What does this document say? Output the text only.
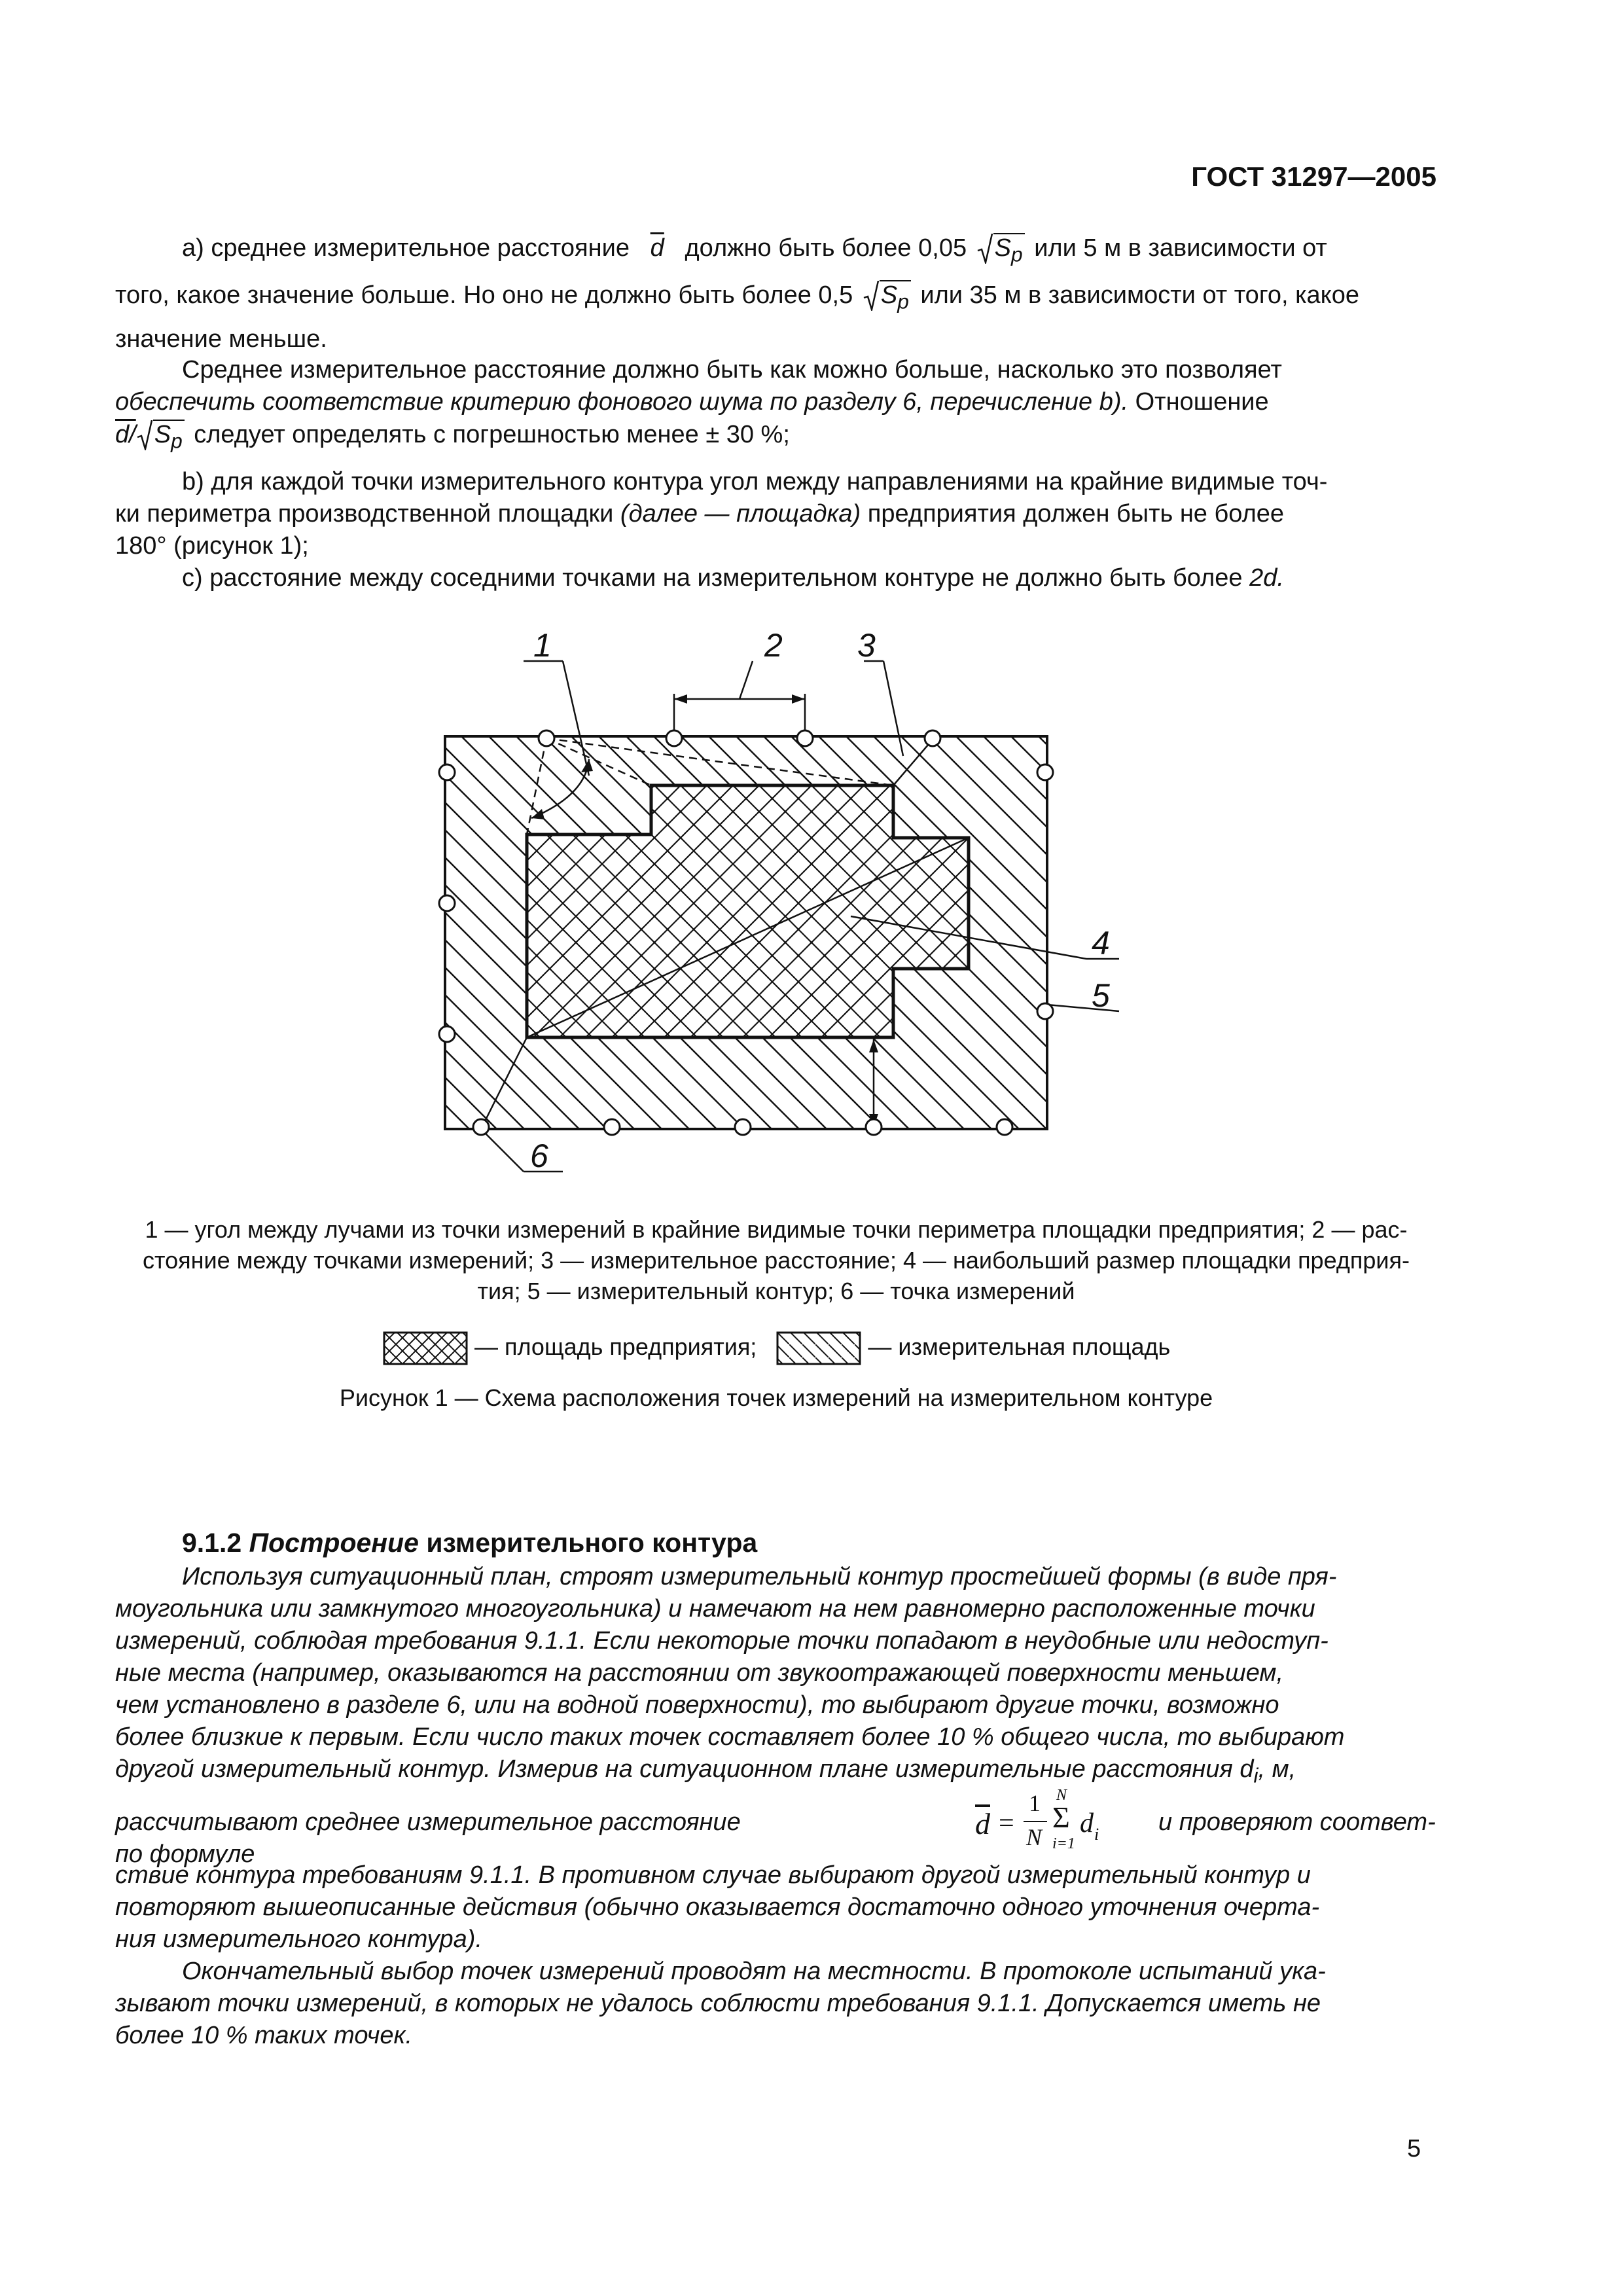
ГОСТ 31297—2005
а) среднее измерительное расстояние $\overline{d}$ должно быть более 0,05 $S_p$ или 5 м в зависимости от
того, какое значение больше. Но оно не должно быть более 0,5 $S_p$ или 35 м в зависимости от того, какое
значение меньше.
Среднее измерительное расстояние должно быть как можно больше, насколько это позволяет
обеспечить соответствие критерию фонового шума по разделу 6, перечисление b). Отношение
d/ $S_p$ следует определять с погрешностью менее ± 30 %;
b) для каждой точки измерительного контура угол между направлениями на крайние видимые точ-
ки периметра производственной площадки (далее — площадка) предприятия должен быть не более
180° (рисунок 1);
с) расстояние между соседними точками на измерительном контуре не должно быть более 2d.
1	2 3
4
5
6
1 — угол между лучами из точки измерений в крайние видимые точки периметра площадки предприятия; 2 — рас-
стояние между точками измерений; 3 — измерительное расстояние; 4 — наибольший размер площадки предприя-
тия; 5 — измерительный контур; 6 — точка измерений
— площадь предприятия;	— измерительная площадь
Рисунок 1 — Схема расположения точек измерений на измерительном контуре
9.1.2 Построение измерительного контура
Используя ситуационный план, строят измерительный контур простейшей формы (в виде пря-
моугольника или замкнутого многоугольника) и намечают на нем равномерно расположенные точки
измерений, соблюдая требования 9.1.1. Если некоторые точки попадают в неудобные или недоступ-
ные места (например, оказываются на расстоянии от звукоотражающей поверхности меньшем,
чем установлено в разделе 6, или на водной поверхности), то выбирают другие точки, возможно
более близкие к первым. Если число таких точек составляет более 10 % общего числа, то выбирают
другой измерительный контур. Измерив на ситуационном плане измерительные расстояния $d_i$, м,
рассчитывают среднее измерительное расстояние по формуле
$\overline{d}$ =
1
N
N
Σ
i=1
d i и проверяют соответ-
ствие контура требованиям 9.1.1. В противном случае выбирают другой измерительный контур и
повторяют вышеописанные действия (обычно оказывается достаточно одного уточнения очерта-
ния измерительного контура).
Окончательный выбор точек измерений проводят на местности. В протоколе испытаний ука-
зывают точки измерений, в которых не удалось соблюсти требования 9.1.1. Допускается иметь не
более 10 % таких точек.
5
